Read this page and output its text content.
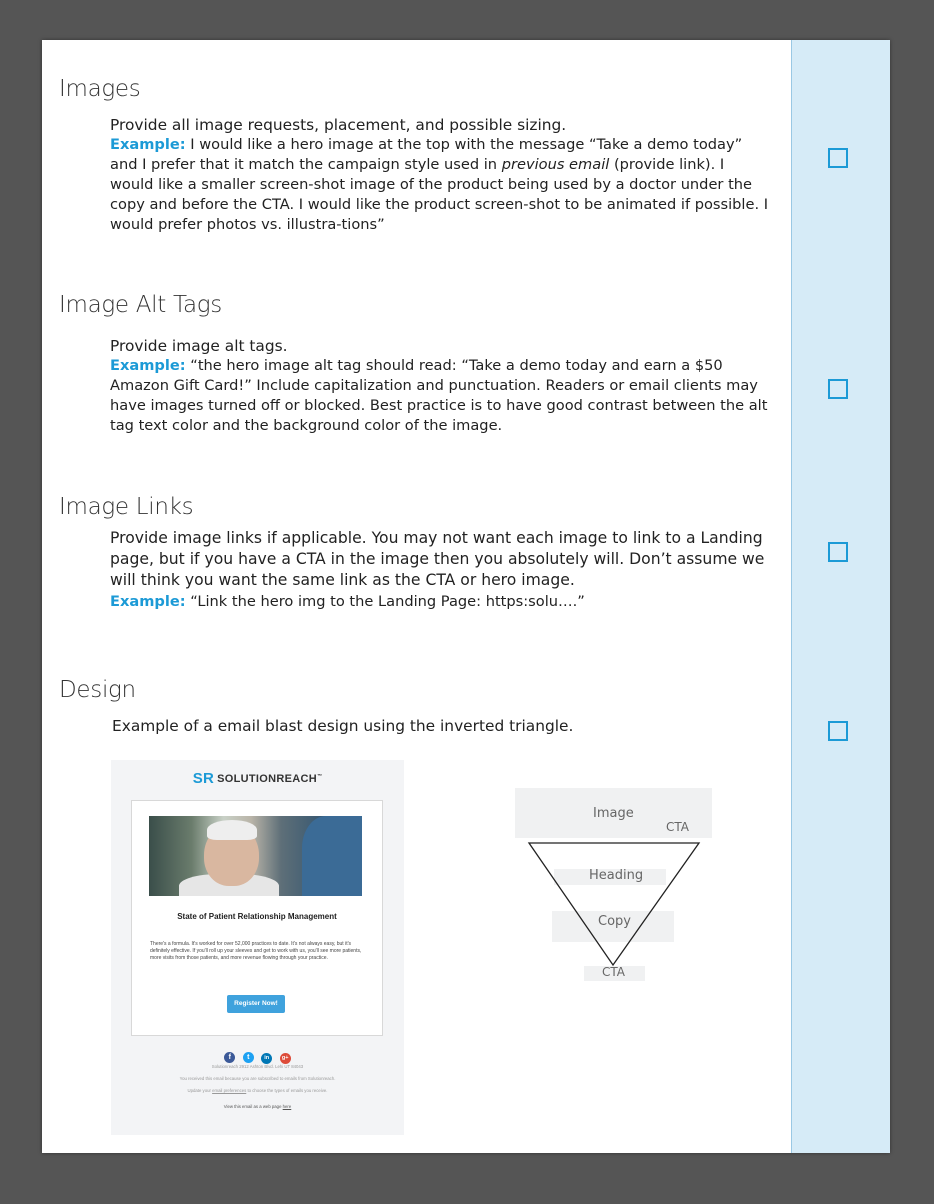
Images
Provide all image requests, placement, and possible sizing.
Example: I would like a hero image at the top with the message “Take a demo today” and I prefer that it match the campaign style used in previous email (provide link). I would like a smaller screen-shot image of the product being used by a doctor under the copy and before the CTA. I would like the product screen-shot to be animated if possible. I would prefer photos vs. illustra-tions”
Image Alt Tags
Provide image alt tags.
Example: “the hero image alt tag should read: “Take a demo today and earn a $50 Amazon Gift Card!” Include capitalization and punctuation. Readers or email clients may have images turned off or blocked. Best practice is to have good contrast between the alt tag text color and the background color of the image.
Image Links
Provide image links if applicable. You may not want each image to link to a Landing page, but if you have a CTA in the image then you absolutely will. Don’t assume we will think you want the same link as the CTA or hero image.
Example: “Link the hero img to the Landing Page: https:solu….”
Design
Example of a email blast design using the inverted triangle.
SR SOLUTIONREACH™
State of Patient Relationship Management
There's a formula. It's worked for over 52,000 practices to date. It's not always easy, but it's definitely effective. If you'll roll up your sleeves and get to work with us, you'll see more patients, more visits from those patients, and more revenue flowing through your practice.
Register Now!
f t	in g+
Solutionreach 2912 Ashton Blvd. Lehi UT 84043
You received this email because you are subscribed to emails from Solutionreach.
Update your email preferences to choose the types of emails you receive.
View this email as a web page here
Image
CTA
Heading
Copy
CTA
